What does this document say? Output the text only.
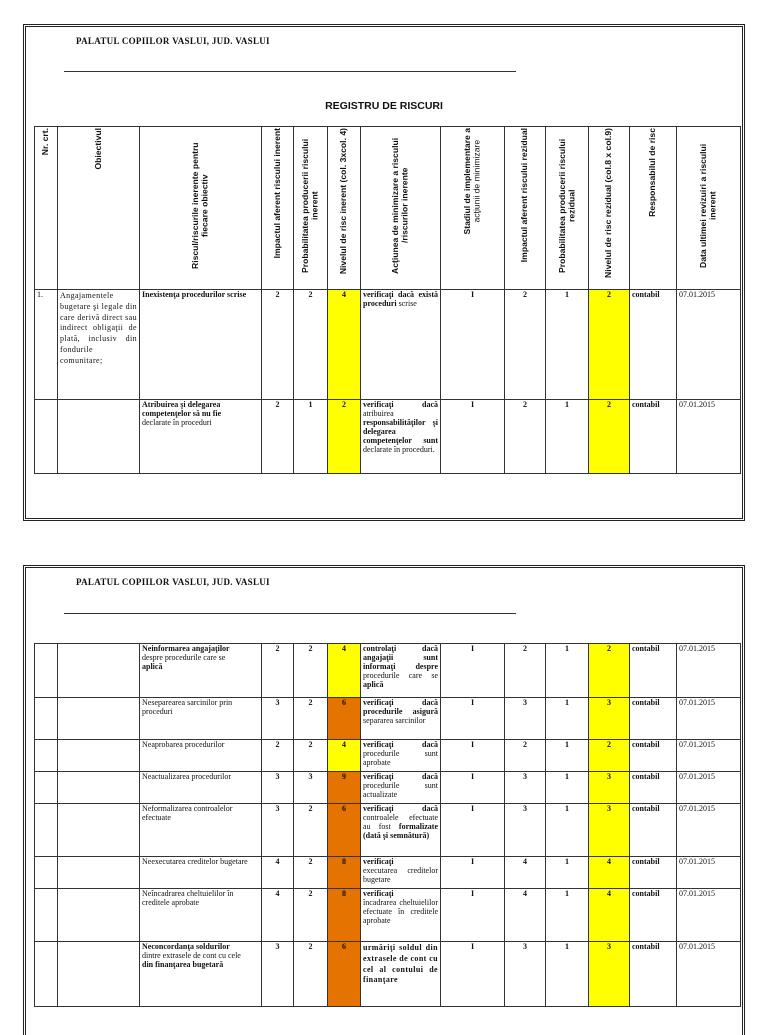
PALATUL COPIILOR VASLUI, JUD. VASLUI
REGISTRU DE RISCURI
Nr. crt.	Obiectivul	Riscul/riscurile inerente pentru fiecare obiectiv	Impactul aferent riscului inerent	Probabilitatea producerii riscului inerent	Nivelul de risc inerent (col. 3xcol. 4)	Acţiunea de minimizare a riscului /riscurilor inerente	Stadiul de implementare a
acţiunii de minimizare	Impactul aferent riscului rezidual	Probabilitatea producerii riscului rezidual	Nivelul de risc rezidual (col.8 x col.9)	Responsabilul de risc	Data ultimei revizuiri a riscului inerent

1.	Angajamentele bugetare şi legale din care derivă direct sau indirect obligaţii de plată, inclusiv din fondurile comunitare;	Inexistenţa procedurilor scrise	2	2	4	verificaţi dacă există proceduri scrise	I	2	1	2	contabil	07.01.2015
		Atribuirea şi delegarea competenţelor să nu fie
declarate în proceduri	2	1	2	verificaţi dacă atribuirea responsabilităţilor şi delegarea competenţelor sunt declarate în proceduri.	I	2	1	2	contabil	07.01.2015
PALATUL COPIILOR VASLUI, JUD. VASLUI
		Neinformarea angajaţilor
despre procedurile care se
aplică	2	2	4	controlaţi dacă angajaţii sunt informaţi despre procedurile care se aplică	I	2	1	2	contabil	07.01.2015
		Neseparearea sarcinilor prin proceduri	3	2	6	verificaţi dacă procedurile asigură separarea sarcinilor	I	3	1	3	contabil	07.01.2015
		Neaprobarea procedurilor	2	2	4	verificaţi dacă procedurile sunt aprobate	I	2	1	2	contabil	07.01.2015
		Neactualizarea procedurilor	3	3	9	verificaţi dacă procedurile sunt actualizate	I	3	1	3	contabil	07.01.2015
		Neformalizarea controalelor efectuate	3	2	6	verificaţi dacă controalele efectuate au fost formalizate (dată şi semnătură)	I	3	1	3	contabil	07.01.2015
		Neexecutarea creditelor bugetare	4	2	8	verificaţi
executarea creditelor bugetare	I	4	1	4	contabil	07.01.2015
		Neîncadrarea cheltuielilor în creditele aprobate	4	2	8	verificaţi
încadrarea cheltuielilor efectuate în creditele aprobate	I	4	1	4	contabil	07.01.2015
		Neconcordanţa soldurilor
dintre extrasele de cont cu cele
din finanţarea bugetară	3	2	6	urmăriţi soldul din extrasele de cont cu cel al contului de finanţare	I	3	1	3	contabil	07.01.2015
